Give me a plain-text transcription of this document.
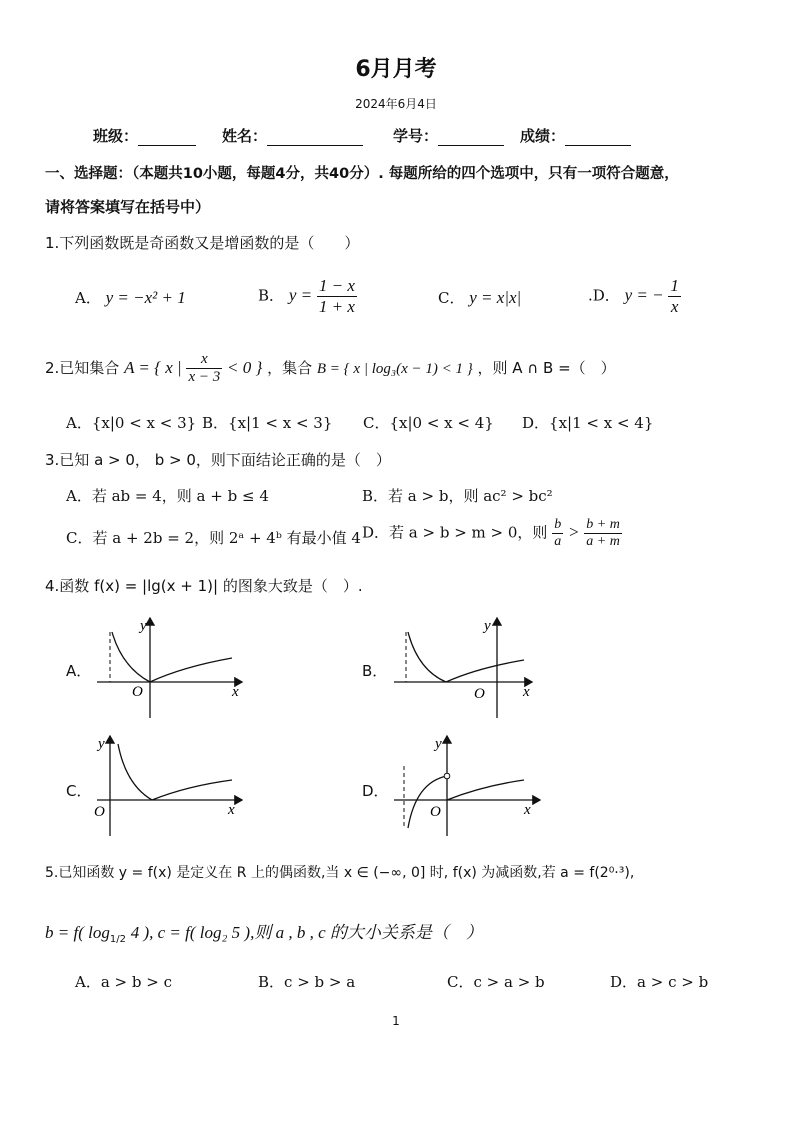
6月月考
2024年6月4日
班级：	姓名：	学号：	成绩：
一、选择题：（本题共10小题，每题4分，共40分）. 每题所给的四个选项中，只有一项符合题意，
请将答案填写在括号中）
1.下列函数既是奇函数又是增函数的是（　　）
A． y = −x² + 1	B． $y = \frac{1 - x}{1 + x}$	C． y = x|x|	.D． y = − $\frac{1}{x}$
2.已知集合 A = { x | $\frac{x}{x - 3} < 0$ } ，集合 B = { x | log₃(x − 1) < 1 } ，则 A ∩ B =（　）
A．{x|0 < x < 3} B．{x|1 < x < 3} C．{x|0 < x < 4} D．{x|1 < x < 4}
3.已知 a > 0， b > 0，则下面结论正确的是（　）
A．若 ab = 4，则 a + b ≤ 4	B．若 a > b，则 ac² > bc²
C．若 a + 2b = 2，则 2ᵃ + 4ᵇ 有最小值 4 D．若 a > b > m > 0，则 $\frac{b}{a} > \frac{b + m}{a + m}$
4.函数 f(x) = |lg(x + 1)| 的图象大致是（　）.
A．	B．
C．	D．
y
x
O
y
x
O
y
x
O
y
x
O
5.已知函数 y = f(x) 是定义在 R 上的偶函数,当 x ∈ (−∞, 0] 时, f(x) 为减函数,若 a = f(2⁰·³),
b = f( $\log_{1/2} 4$ ), c = f( log₂ 5 ),则 a , b , c 的大小关系是（　）
A．a > b > c	B．c > b > a	C．c > a > b	D．a > c > b
1
